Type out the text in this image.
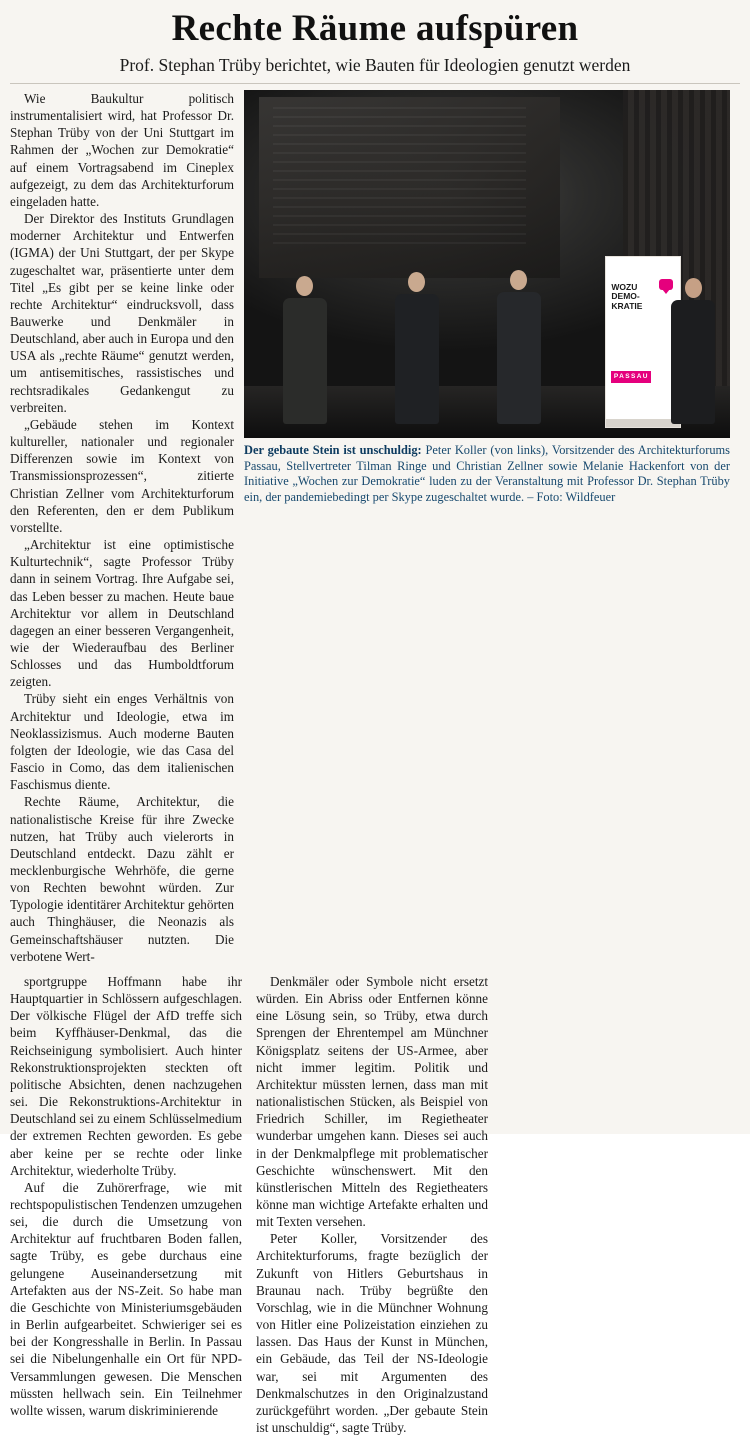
Rechte Räume aufspüren
Prof. Stephan Trüby berichtet, wie Bauten für Ideologien genutzt werden

Wie Baukultur politisch instrumentalisiert wird, hat Professor Dr. Stephan Trüby von der Uni Stuttgart im Rahmen der „Wochen zur Demokratie“ auf einem Vortragsabend im Cineplex aufgezeigt, zu dem das Architekturforum eingeladen hatte.

Der Direktor des Instituts Grundlagen moderner Architektur und Entwerfen (IGMA) der Uni Stuttgart, der per Skype zugeschaltet war, präsentierte unter dem Titel „Es gibt per se keine linke oder rechte Architektur“ eindrucksvoll, dass Bauwerke und Denkmäler in Deutschland, aber auch in Europa und den USA als „rechte Räume“ genutzt werden, um antisemitisches, rassistisches und rechtsradikales Gedankengut zu verbreiten.

„Gebäude stehen im Kontext kultureller, nationaler und regionaler Differenzen sowie im Kontext von Transmissionsprozessen“, zitierte Christian Zellner vom Architekturforum den Referenten, den er dem Publikum vorstellte.

„Architektur ist eine optimistische Kulturtechnik“, sagte Professor Trüby dann in seinem Vortrag. Ihre Aufgabe sei, das Leben besser zu machen. Heute baue Architektur vor allem in Deutschland dagegen an einer besseren Vergangenheit, wie der Wiederaufbau des Berliner Schlosses und das Humboldtforum zeigten.

Trüby sieht ein enges Verhältnis von Architektur und Ideologie, etwa im Neoklassizismus. Auch moderne Bauten folgten der Ideologie, wie das Casa del Fascio in Como, das dem italienischen Faschismus diente.

Rechte Räume, Architektur, die nationalistische Kreise für ihre Zwecke nutzen, hat Trüby auch vielerorts in Deutschland entdeckt. Dazu zählt er mecklenburgische Wehrhöfe, die gerne von Rechten bewohnt würden. Zur Typologie identitärer Architektur gehörten auch Thinghäuser, die Neonazis als Gemeinschaftshäuser nutzten. Die verbotene Wert-

WOZU
DEMO-
KRATIE
PASSAU
Der gebaute Stein ist unschuldig: Peter Koller (von links), Vorsitzender des Architekturforums Passau, Stellvertreter Tilman Ringe und Christian Zellner sowie Melanie Hackenfort von der Initiative „Wochen zur Demokratie“ luden zu der Veranstaltung mit Professor Dr. Stephan Trüby ein, der pandemiebedingt per Skype zugeschaltet wurde. – Foto: Wildfeuer

sportgruppe Hoffmann habe ihr Hauptquartier in Schlössern aufgeschlagen. Der völkische Flügel der AfD treffe sich beim Kyffhäuser-Denkmal, das die Reichseinigung symbolisiert. Auch hinter Rekonstruktionsprojekten steckten oft politische Absichten, denen nachzugehen sei. Die Rekonstruktions-Architektur in Deutschland sei zu einem Schlüsselmedium der extremen Rechten geworden. Es gebe aber keine per se rechte oder linke Architektur, wiederholte Trüby.

Auf die Zuhörerfrage, wie mit rechtspopulistischen Tendenzen umzugehen sei, die durch die Umsetzung von Architektur auf fruchtbaren Boden fallen, sagte Trüby, es gebe durchaus eine gelungene Auseinandersetzung mit Artefakten aus der NS-Zeit. So habe man die Geschichte von Ministeriumsgebäuden in Berlin aufgearbeitet. Schwieriger sei es bei der Kongresshalle in Berlin. In Passau sei die Nibelungenhalle ein Ort für NPD-Versammlungen gewesen. Die Menschen müssten hellwach sein. Ein Teilnehmer wollte wissen, warum diskriminierende

Denkmäler oder Symbole nicht ersetzt würden. Ein Abriss oder Entfernen könne eine Lösung sein, so Trüby, etwa durch Sprengen der Ehrentempel am Münchner Königsplatz seitens der US-Armee, aber nicht immer legitim. Politik und Architektur müssten lernen, dass man mit nationalistischen Stücken, als Beispiel von Friedrich Schiller, im Regietheater wunderbar umgehen kann. Dieses sei auch in der Denkmalpflege mit problematischer Geschichte wünschenswert. Mit den künstlerischen Mitteln des Regietheaters könne man wichtige Artefakte erhalten und mit Texten versehen.

Peter Koller, Vorsitzender des Architekturforums, fragte bezüglich der Zukunft von Hitlers Geburtshaus in Braunau nach. Trüby begrüßte den Vorschlag, wie in die Münchner Wohnung von Hitler eine Polizeistation einziehen zu lassen. Das Haus der Kunst in München, ein Gebäude, das Teil der NS-Ideologie war, sei mit Argumenten des Denkmalschutzes in den Originalzustand zurückgeführt worden. „Der gebaute Stein ist unschuldig“, sagte Trüby.
